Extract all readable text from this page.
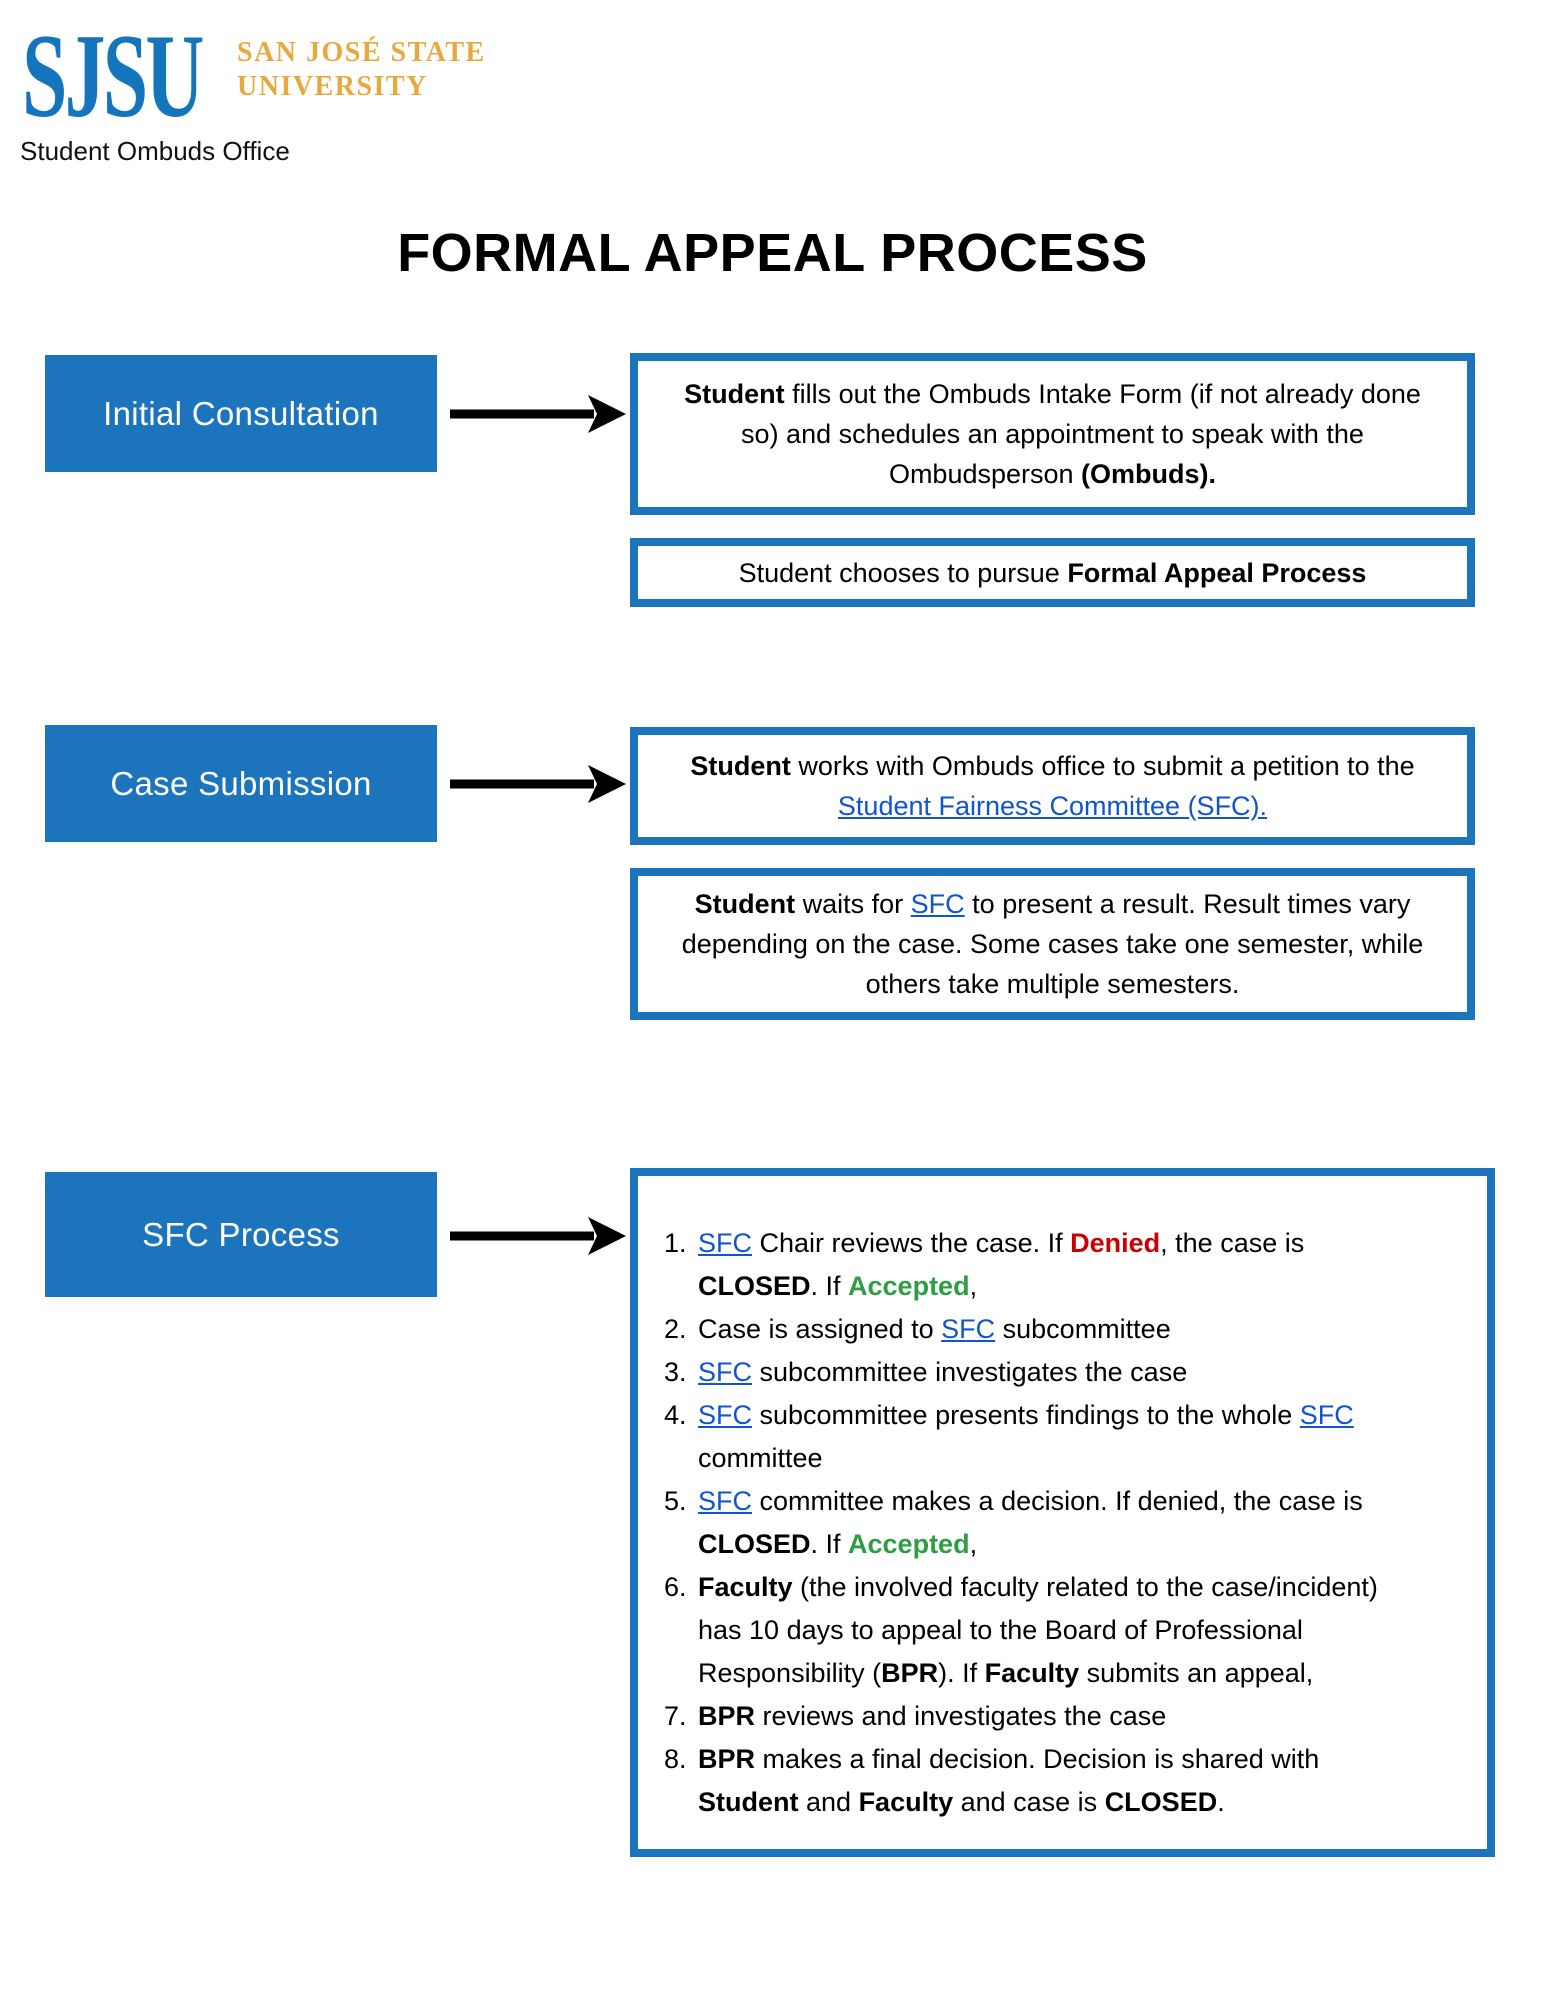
SJSU SAN JOSÉ STATE
UNIVERSITY
Student Ombuds Office
FORMAL APPEAL PROCESS
Initial Consultation

Student fills out the Ombuds Intake Form (if not already done
so) and schedules an appointment to speak with the
Ombudsperson (Ombuds).

Student chooses to pursue Formal Appeal Process

Case Submission	Student works with Ombuds office to submit a petition to the
Student Fairness Committee (SFC).

Student waits for SFC to present a result. Result times vary
depending on the case. Some cases take one semester, while
others take multiple semesters.

SFC Process	1. SFC Chair reviews the case. If Denied, the case is
CLOSED. If Accepted,
2. Case is assigned to SFC subcommittee
3. SFC subcommittee investigates the case
4. SFC subcommittee presents findings to the whole SFC
committee
5. SFC committee makes a decision. If denied, the case is
CLOSED. If Accepted,
6. Faculty (the involved faculty related to the case/incident)
has 10 days to appeal to the Board of Professional
Responsibility (BPR). If Faculty submits an appeal,
7. BPR reviews and investigates the case
8. BPR makes a final decision. Decision is shared with
Student and Faculty and case is CLOSED.
